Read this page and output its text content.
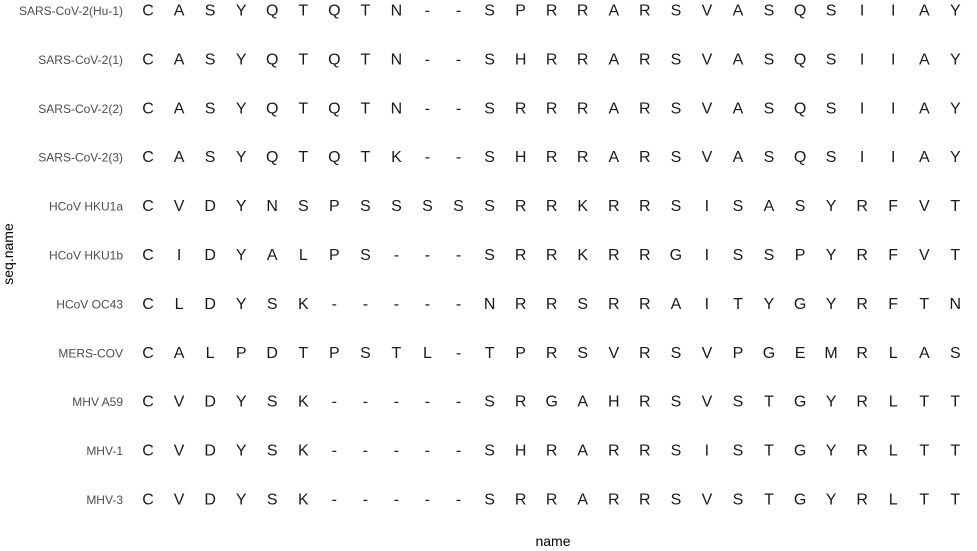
SARS-CoV-2(Hu-1)
SARS-CoV-2(1)
SARS-CoV-2(2)
SARS-CoV-2(3)
HCoV HKU1a
HCoV HKU1b
HCoV OC43
MERS-COV
MHV A59
MHV-1
MHV-3
C A S Y Q T Q T N - - S P R R A R S V A S Q S I I A Y
C A S Y Q T Q T N - - S H R R A R S V A S Q S I I A Y
C A S Y Q T Q T N - - S R R R A R S V A S Q S I I A Y
C A S Y Q T Q T K - - S H R R A R S V A S Q S I I A Y
C V D Y N S P S S S S S R R K R R S I S A S Y R F V T
C I D Y A L P S - - - S R R K R R G I S S P Y R F V T
C L D Y S K - - - - - N R R S R R A I T Y G Y R F T N
C A L P D T P S T L - T P R S V R S V P G E M R L A S
C V D Y S K - - - - - S R G A H R S V S T G Y R L T T
C V D Y S K - - - - - S H R A R R S I S T G Y R L T T
C V D Y S K - - - - - S R R A R R S V S T G Y R L T T
name
seq.name
